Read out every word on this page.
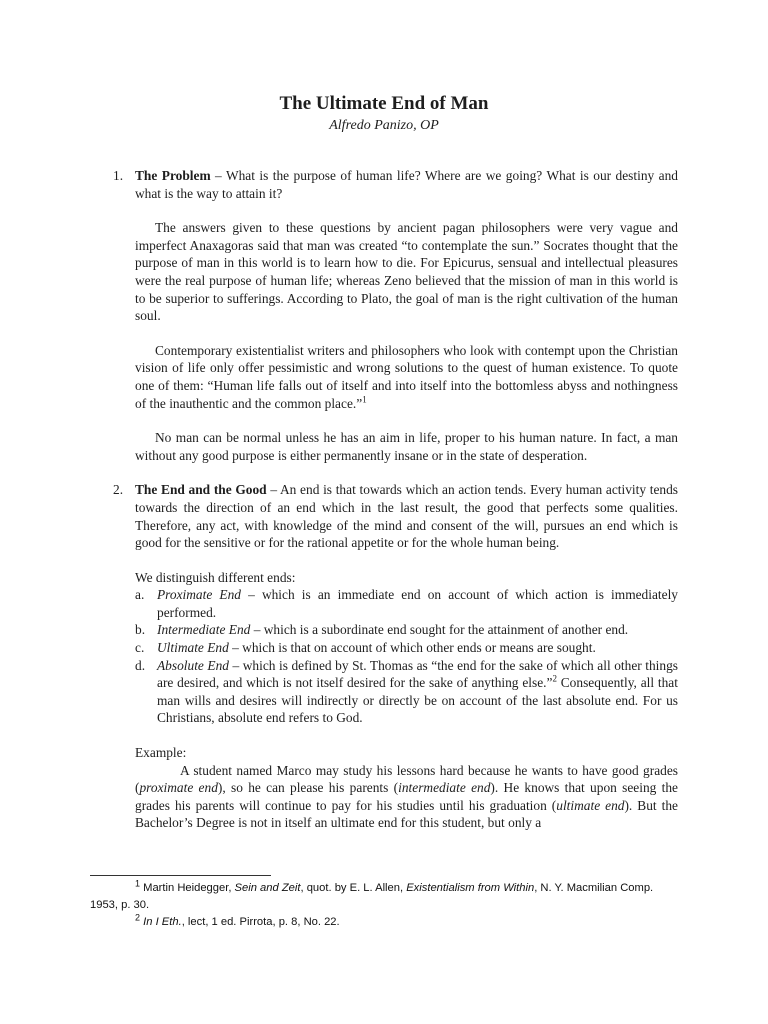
The Ultimate End of Man
Alfredo Panizo, OP
1. The Problem – What is the purpose of human life? Where are we going? What is our destiny and what is the way to attain it?

The answers given to these questions by ancient pagan philosophers were very vague and imperfect Anaxagoras said that man was created “to contemplate the sun.” Socrates thought that the purpose of man in this world is to learn how to die. For Epicurus, sensual and intellectual pleasures were the real purpose of human life; whereas Zeno believed that the mission of man in this world is to be superior to sufferings. According to Plato, the goal of man is the right cultivation of the human soul.

Contemporary existentialist writers and philosophers who look with contempt upon the Christian vision of life only offer pessimistic and wrong solutions to the quest of human existence. To quote one of them: “Human life falls out of itself and into itself into the bottomless abyss and nothingness of the inauthentic and the common place.”$^1$

No man can be normal unless he has an aim in life, proper to his human nature. In fact, a man without any good purpose is either permanently insane or in the state of desperation.

2. The End and the Good – An end is that towards which an action tends. Every human activity tends towards the direction of an end which in the last result, the good that perfects some qualities. Therefore, any act, with knowledge of the mind and consent of the will, pursues an end which is good for the sensitive or for the rational appetite or for the whole human being.
We distinguish different ends:
a. Proximate End – which is an immediate end on account of which action is immediately performed.
b. Intermediate End – which is a subordinate end sought for the attainment of another end.
c. Ultimate End – which is that on account of which other ends or means are sought.
d. Absolute End – which is defined by St. Thomas as “the end for the sake of which all other things are desired, and which is not itself desired for the sake of anything else.”$^2$ Consequently, all that man wills and desires will indirectly or directly be on account of the last absolute end. For us Christians, absolute end refers to God.
Example:

A student named Marco may study his lessons hard because he wants to have good grades (proximate end), so he can please his parents (intermediate end). He knows that upon seeing the grades his parents will continue to pay for his studies until his graduation (ultimate end). But the Bachelor’s Degree is not in itself an ultimate end for this student, but only a

$^1$ Martin Heidegger, Sein and Zeit, quot. by E. L. Allen, Existentialism from Within, N. Y. Macmilian Comp.
1953, p. 30.
$^2$ In I Eth., lect, 1 ed. Pirrota, p. 8, No. 22.
